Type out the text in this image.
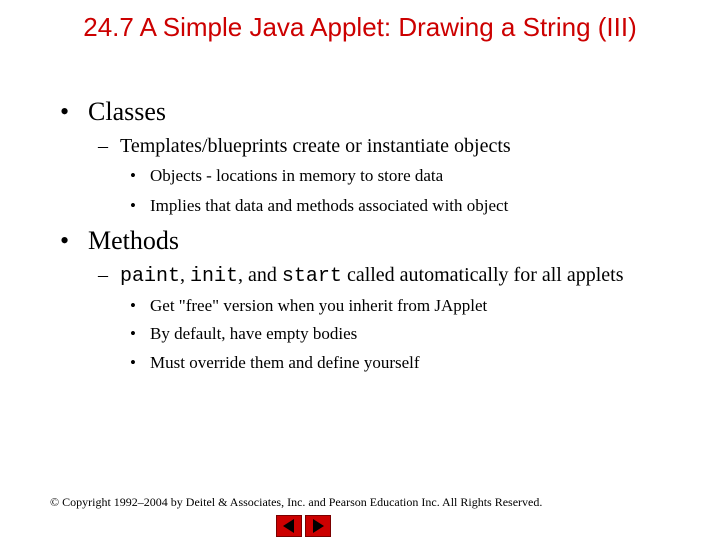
24.7 A Simple Java Applet: Drawing a String (III)
• Classes
– Templates/blueprints create or instantiate objects
• Objects - locations in memory to store data
• Implies that data and methods associated with object
• Methods
– paint, init, and start called automatically for all applets
• Get "free" version when you inherit from JApplet
• By default, have empty bodies
• Must override them and define yourself
© Copyright 1992–2004 by Deitel & Associates, Inc. and Pearson Education Inc. All Rights Reserved.
